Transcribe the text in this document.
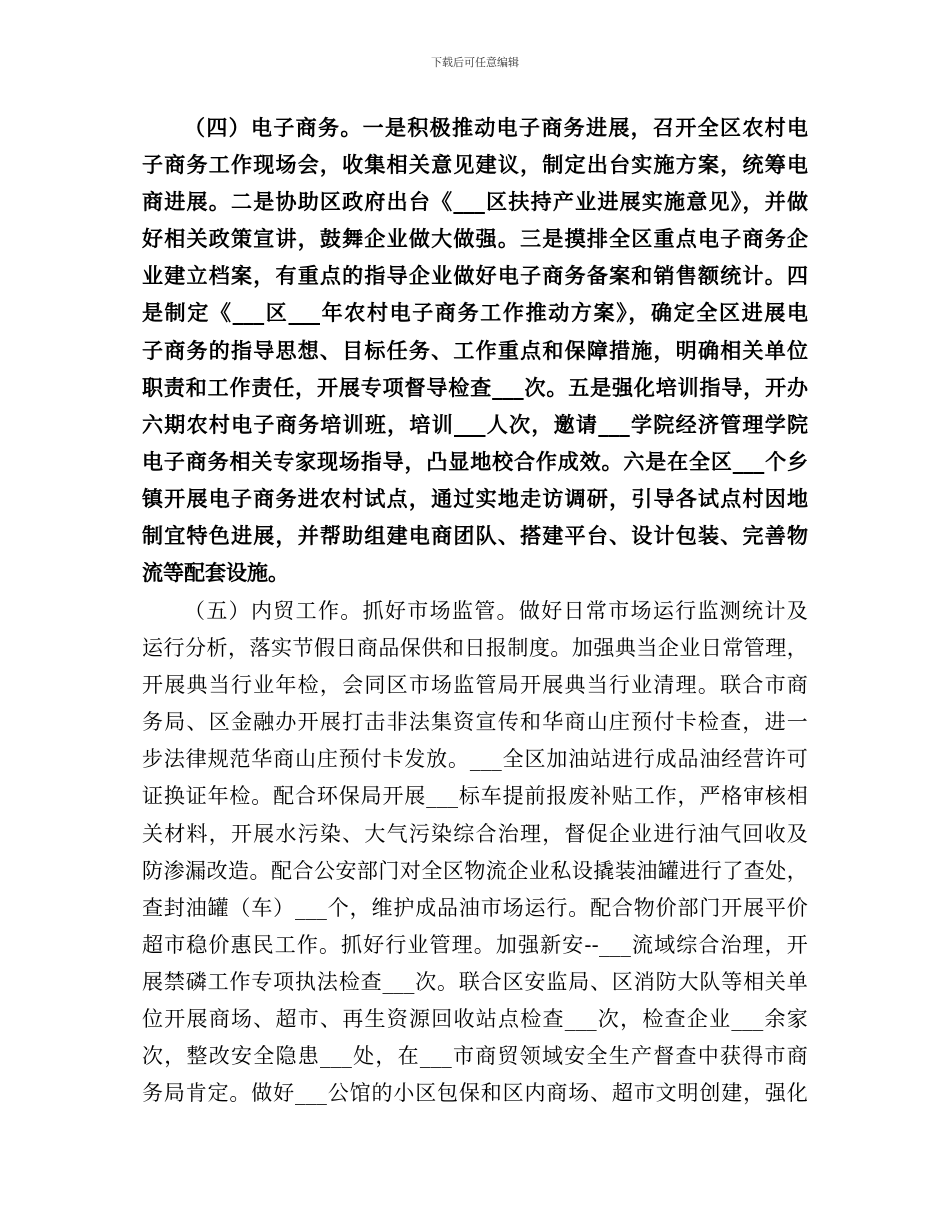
下载后可任意编辑
（四）电子商务。一是积极推动电子商务进展，召开全区农村电
子商务工作现场会，收集相关意见建议，制定出台实施方案，统筹电
商进展。二是协助区政府出台《___区扶持产业进展实施意见》，并做
好相关政策宣讲，鼓舞企业做大做强。三是摸排全区重点电子商务企
业建立档案，有重点的指导企业做好电子商务备案和销售额统计。四
是制定《___区___年农村电子商务工作推动方案》，确定全区进展电
子商务的指导思想、目标任务、工作重点和保障措施，明确相关单位
职责和工作责任，开展专项督导检查___次。五是强化培训指导，开办
六期农村电子商务培训班，培训___人次，邀请___学院经济管理学院
电子商务相关专家现场指导，凸显地校合作成效。六是在全区___个乡
镇开展电子商务进农村试点，通过实地走访调研，引导各试点村因地
制宜特色进展，并帮助组建电商团队、搭建平台、设计包装、完善物
流等配套设施。
（五）内贸工作。抓好市场监管。做好日常市场运行监测统计及
运行分析，落实节假日商品保供和日报制度。加强典当企业日常管理，
开展典当行业年检，会同区市场监管局开展典当行业清理。联合市商
务局、区金融办开展打击非法集资宣传和华商山庄预付卡检查，进一
步法律规范华商山庄预付卡发放。___全区加油站进行成品油经营许可
证换证年检。配合环保局开展___标车提前报废补贴工作，严格审核相
关材料，开展水污染、大气污染综合治理，督促企业进行油气回收及
防渗漏改造。配合公安部门对全区物流企业私设撬装油罐进行了查处，
查封油罐（车）___个，维护成品油市场运行。配合物价部门开展平价
超市稳价惠民工作。抓好行业管理。加强新安--___流域综合治理，开
展禁磷工作专项执法检查___次。联合区安监局、区消防大队等相关单
位开展商场、超市、再生资源回收站点检查___次，检查企业___余家
次，整改安全隐患___处，在___市商贸领域安全生产督查中获得市商
务局肯定。做好___公馆的小区包保和区内商场、超市文明创建，强化
